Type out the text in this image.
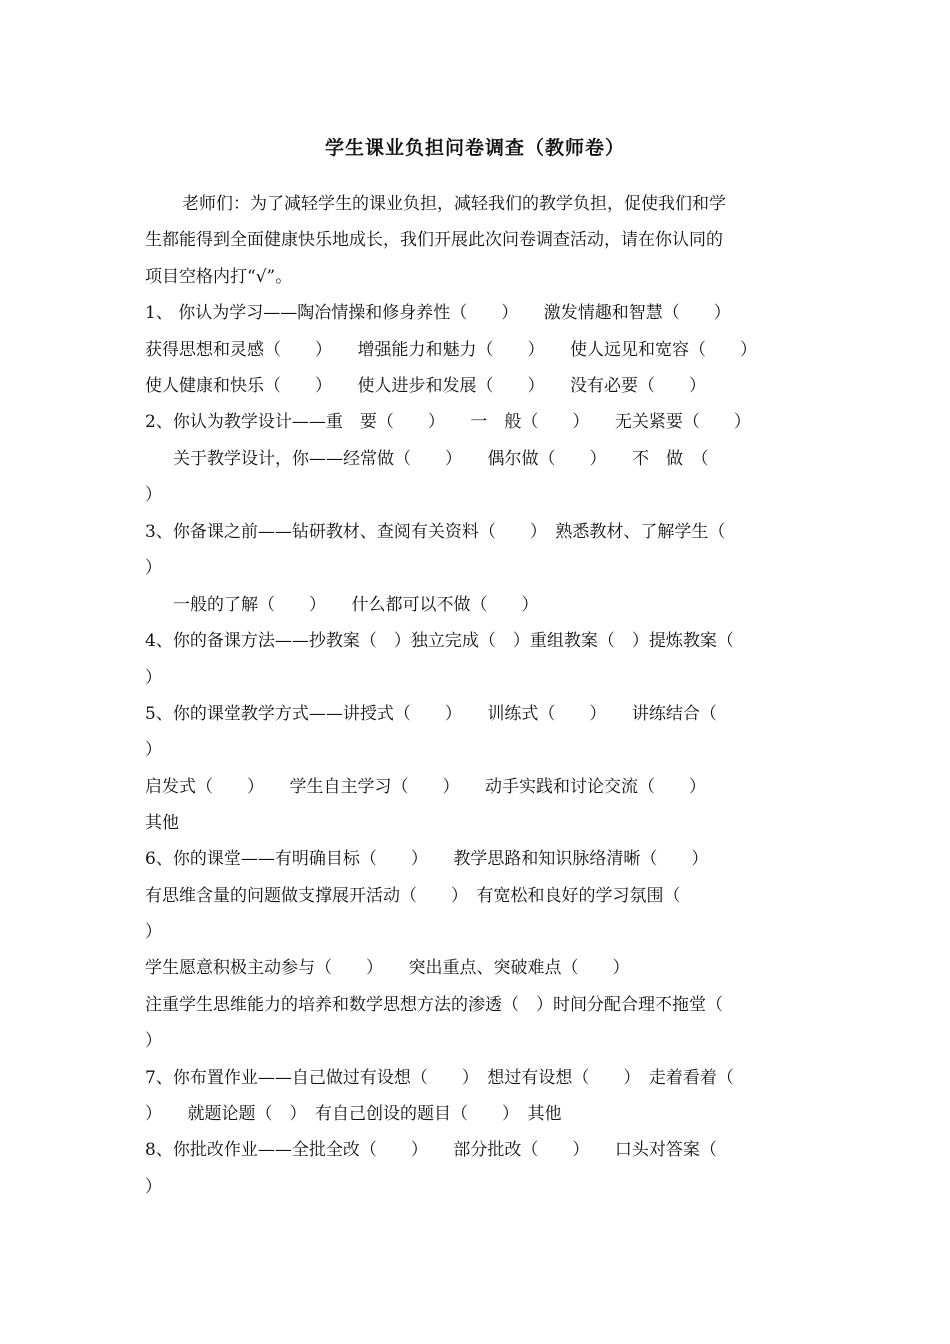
学生课业负担问卷调查（教师卷）
老师们：为了减轻学生的课业负担，减轻我们的教学负担，促使我们和学
生都能得到全面健康快乐地成长，我们开展此次问卷调查活动，请在你认同的
项目空格内打“√”。
1、 你认为学习——陶冶情操和修身养性（　　）　　激发情趣和智慧（　　）
获得思想和灵感（　　）　　增强能力和魅力（　　）　　使人远见和宽容（　　）
使人健康和快乐（　　）　　使人进步和发展（　　）　　没有必要（　　）
2、你认为教学设计——重　要（　　）　　一　般（　　）　　无关紧要（　　）
关于教学设计，你——经常做（　　）　　偶尔做（　　）　　不　做　（
）
3、你备课之前——钻研教材、查阅有关资料（　　）　熟悉教材、了解学生（
）
一般的了解（　　）　　什么都可以不做（　　）
4、你的备课方法——抄教案（　）独立完成（　）重组教案（　）提炼教案（
）
5、你的课堂教学方式——讲授式（　　）　　训练式（　　）　　讲练结合（
）
启发式（　　）　　学生自主学习（　　）　　动手实践和讨论交流（　　）
其他
6、你的课堂——有明确目标（　　）　　教学思路和知识脉络清晰（　　）
有思维含量的问题做支撑展开活动（　　）　有宽松和良好的学习氛围（
）
学生愿意积极主动参与（　　）　　突出重点、突破难点（　　）
注重学生思维能力的培养和数学思想方法的渗透（　）时间分配合理不拖堂（
）
7、你布置作业——自己做过有设想（　　）　想过有设想（　　）　走着看着（
）　　就题论题（　）　有自己创设的题目（　　）　其他
8、你批改作业——全批全改（　　）　　部分批改（　　）　　口头对答案（
）
